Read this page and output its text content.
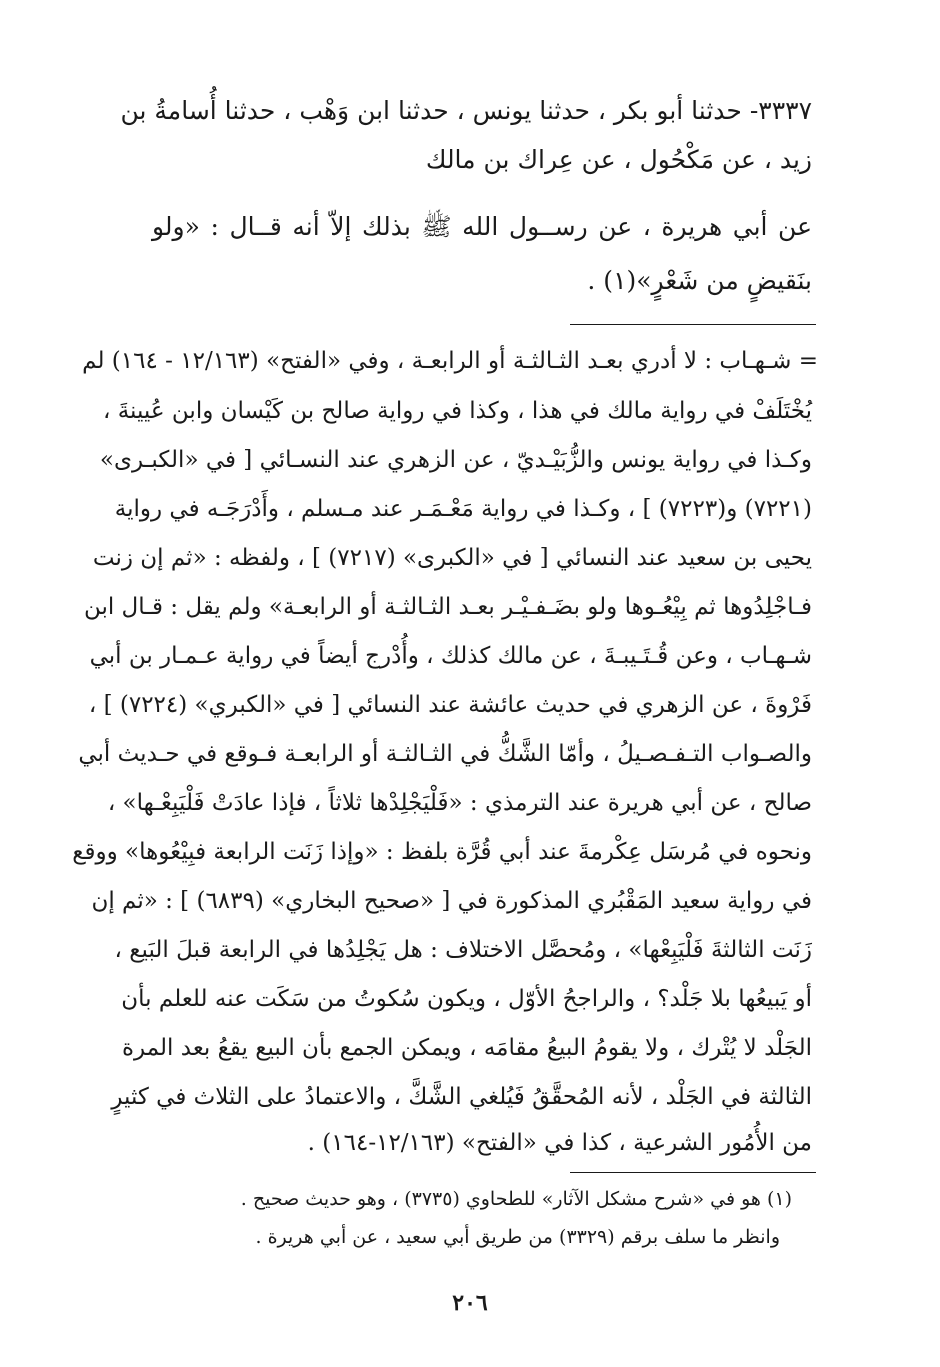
٣٣٣٧- حدثنا أبو بكر ، حدثنا يونس ، حدثنا ابن وَهْب ، حدثنا أُسامةُ بن
زيد ، عن مَكْحُول ، عن عِراك بن مالك
عن أبي هريرة ، عن رســول الله ﷺ بذلك إلاّ أنه قــال : «ولو
بنَقيضٍ من شَعْرٍ»(١) .
= شـهـاب : لا أدري بعـد الثـالثـة أو الرابعـة ، وفي «الفتح» (١٢/١٦٣ - ١٦٤) لم
يُخْتَلَفْ في رواية مالك في هذا ، وكذا في رواية صالح بن كَيْسان وابن عُيينةَ ،
وكـذا في رواية يونس والزُّبَيْـديّ ، عن الزهري عند النسـائي [ في «الكبـرى»
(٧٢٢١) و(٧٢٢٣) ] ، وكـذا في رواية مَعْـمَـر عند مـسلم ، وأَدْرَجَـه في رواية
يحيى بن سعيد عند النسائي [ في «الكبرى» (٧٢١٧) ] ، ولفظه : «ثم إن زنت
فـاجْلِدُوها ثم بِيْعُـوها ولو بضَـفـيْـر بعـد الثـالثـة أو الرابعـة» ولم يقل : قـال ابن
شـهـاب ، وعن قُـتَـيبـةَ ، عن مالك كذلك ، وأُدْرج أيضاً في رواية عـمـار بن أبي
فَرْوةَ ، عن الزهري في حديث عائشة عند النسائي [ في «الكبري» (٧٢٢٤) ] ،
والصـواب التـفـصـيلُ ، وأمّا الشَّكُّ في الثـالثـة أو الرابعـة فـوقع في حـديث أبي
صالح ، عن أبي هريرة عند الترمذي : «فَلْيَجْلِدْها ثلاثاً ، فإذا عادَتْ فَلْيَبِعْـها» ،
ونحوه في مُرسَل عِكْرمةَ عند أبي قُرَّة بلفظ : «وإذا زَنَت الرابعة فبِيْعُوها» ووقع
في رواية سعيد المَقْبُري المذكورة في [ «صحيح البخاري» (٦٨٣٩) ] : «ثم إن
زَنَت الثالثةَ فَلْيَبِعْها» ، ومُحصَّل الاختلاف : هل يَجْلِدُها في الرابعة قبلَ البَيع ،
أو يَبيعُها بلا جَلْد؟ ، والراجحُ الأوّل ، ويكون سُكوتُ من سَكَت عنه للعلم بأن
الجَلْد لا يُتْرك ، ولا يقومُ البيعُ مقامَه ، ويمكن الجمع بأن البيع يقعُ بعد المرة
الثالثة في الجَلْد ، لأنه المُحقَّقُ فَيُلغي الشَّكَّ ، والاعتمادُ على الثلاث في كثيرٍ
من الأُمُور الشرعية ، كذا في «الفتح» (١٢/١٦٣-١٦٤) .
(١) هو في «شرح مشكل الآثار» للطحاوي (٣٧٣٥) ، وهو حديث صحيح .
وانظر ما سلف برقم (٣٣٢٩) من طريق أبي سعيد ، عن أبي هريرة .
٢٠٦
